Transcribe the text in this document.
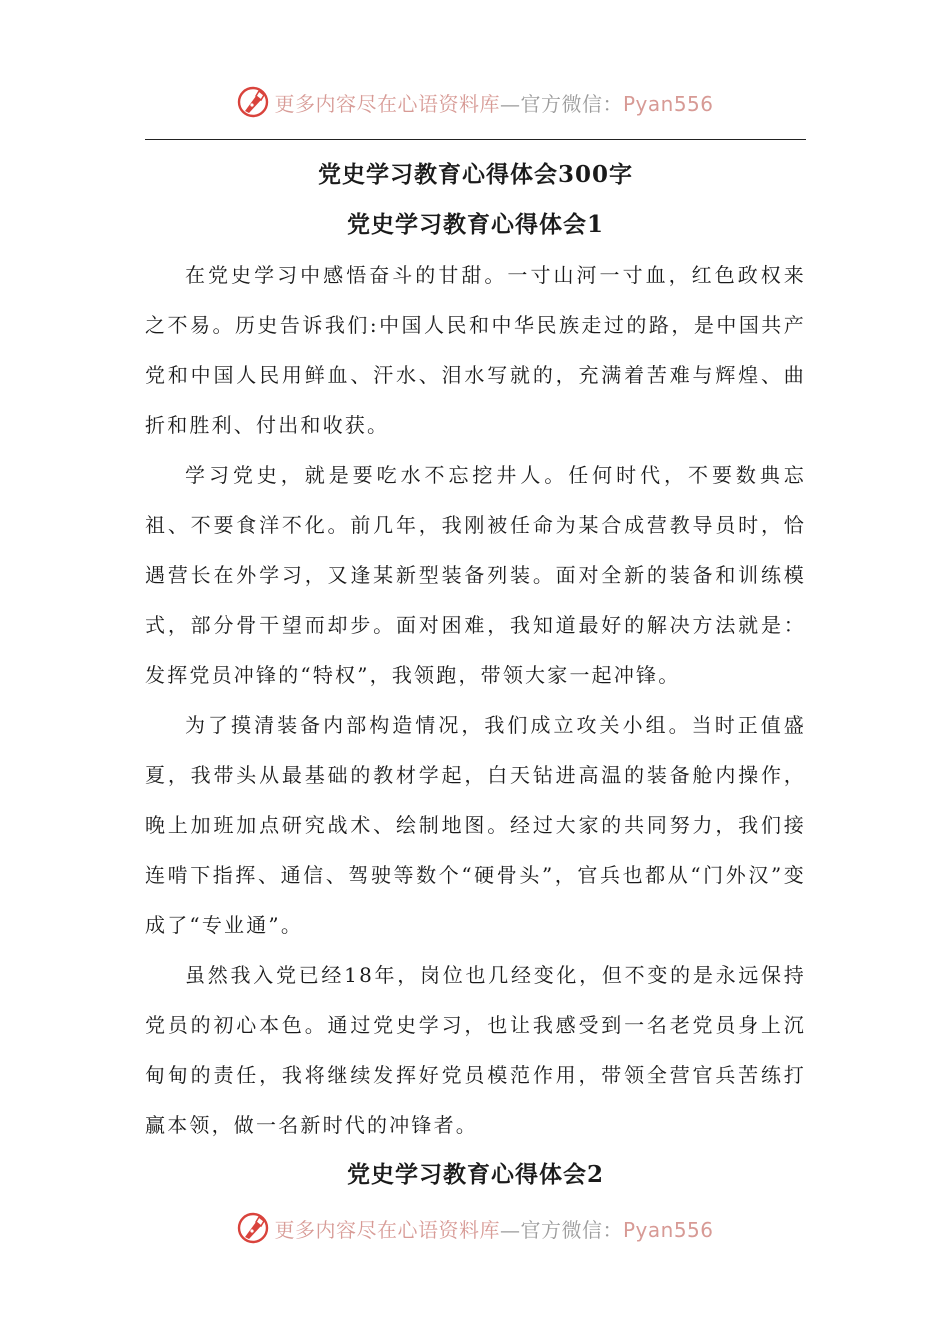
更多内容尽在心语资料库—官方微信：Pyan556
党史学习教育心得体会300字
党史学习教育心得体会1

在党史学习中感悟奋斗的甘甜。一寸山河一寸血，红色政权来之不易。历史告诉我们:中国人民和中华民族走过的路，是中国共产党和中国人民用鲜血、汗水、泪水写就的，充满着苦难与辉煌、曲折和胜利、付出和收获。

学习党史，就是要吃水不忘挖井人。任何时代，不要数典忘祖、不要食洋不化。前几年，我刚被任命为某合成营教导员时，恰遇营长在外学习，又逢某新型装备列装。面对全新的装备和训练模式，部分骨干望而却步。面对困难，我知道最好的解决方法就是：发挥党员冲锋的“特权”，我领跑，带领大家一起冲锋。

为了摸清装备内部构造情况，我们成立攻关小组。当时正值盛夏，我带头从最基础的教材学起，白天钻进高温的装备舱内操作，晚上加班加点研究战术、绘制地图。经过大家的共同努力，我们接连啃下指挥、通信、驾驶等数个“硬骨头”，官兵也都从“门外汉”变成了“专业通”。

虽然我入党已经18年，岗位也几经变化，但不变的是永远保持党员的初心本色。通过党史学习，也让我感受到一名老党员身上沉甸甸的责任，我将继续发挥好党员模范作用，带领全营官兵苦练打赢本领，做一名新时代的冲锋者。

党史学习教育心得体会2
更多内容尽在心语资料库—官方微信：Pyan556
